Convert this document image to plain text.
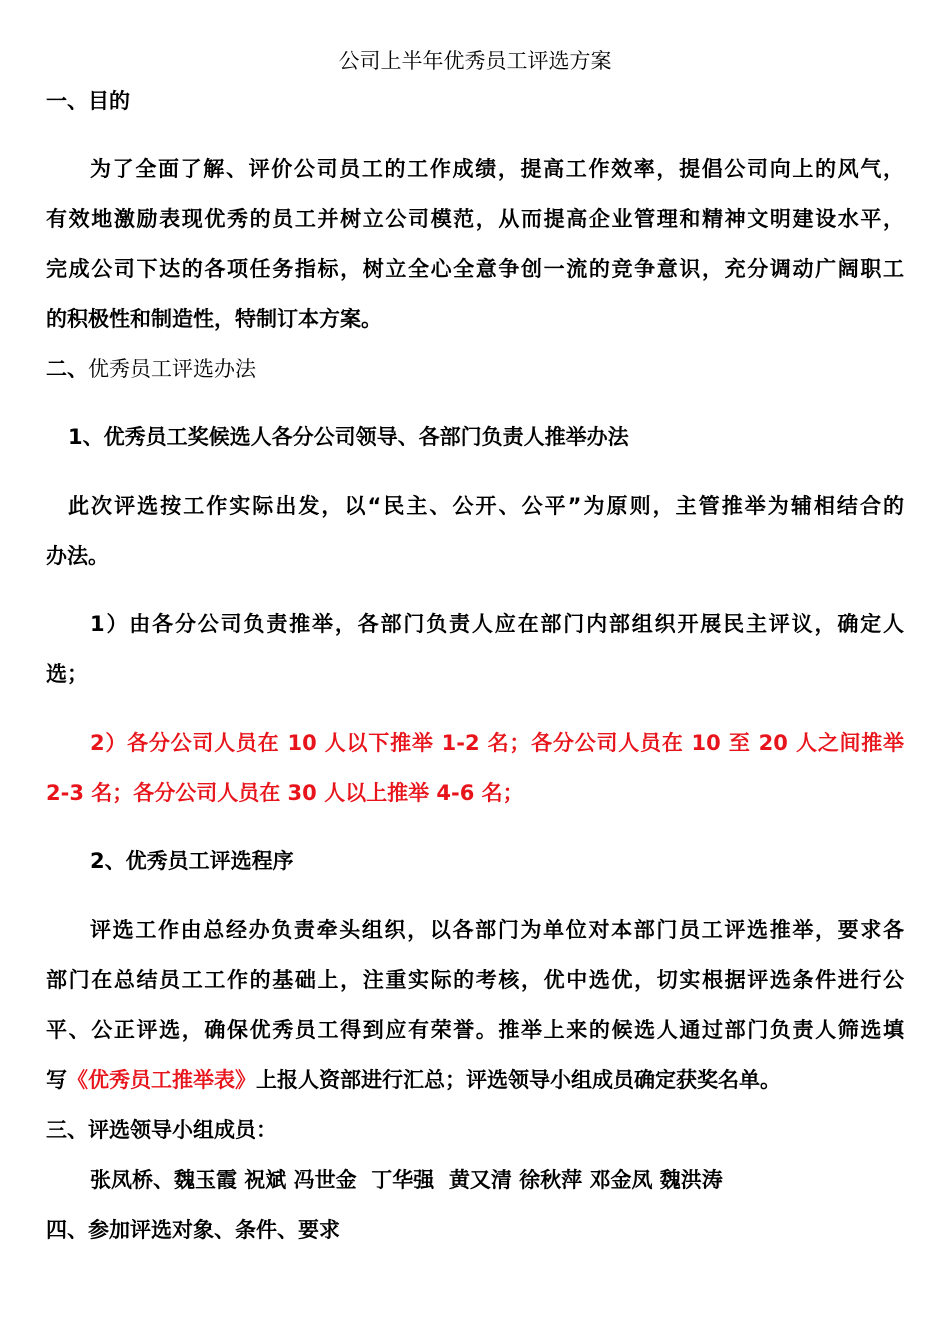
公司上半年优秀员工评选方案
一、目的
为了全面了解、评价公司员工的工作成绩，提高工作效率，提倡公司向上的风气，
有效地激励表现优秀的员工并树立公司模范，从而提高企业管理和精神文明建设水平，
完成公司下达的各项任务指标，树立全心全意争创一流的竞争意识，充分调动广阔职工
的积极性和制造性，特制订本方案。
二、优秀员工评选办法
1、优秀员工奖候选人各分公司领导、各部门负责人推举办法
此次评选按工作实际出发，以“民主、公开、公平”为原则，主管推举为辅相结合的
办法。
1）由各分公司负责推举，各部门负责人应在部门内部组织开展民主评议，确定人
选；
2）各分公司人员在 10 人以下推举 1-2 名；各分公司人员在 10 至 20 人之间推举
2-3 名；各分公司人员在 30 人以上推举 4-6 名；
2、优秀员工评选程序
评选工作由总经办负责牵头组织，以各部门为单位对本部门员工评选推举，要求各
部门在总结员工工作的基础上，注重实际的考核，优中选优，切实根据评选条件进行公
平、公正评选，确保优秀员工得到应有荣誉。推举上来的候选人通过部门负责人筛选填
写《优秀员工推举表》上报人资部进行汇总；评选领导小组成员确定获奖名单。
三、评选领导小组成员：
张凤桥、魏玉霞 祝斌 冯世金  丁华强  黄又清 徐秋萍 邓金凤 魏洪涛
四、参加评选对象、条件、要求
